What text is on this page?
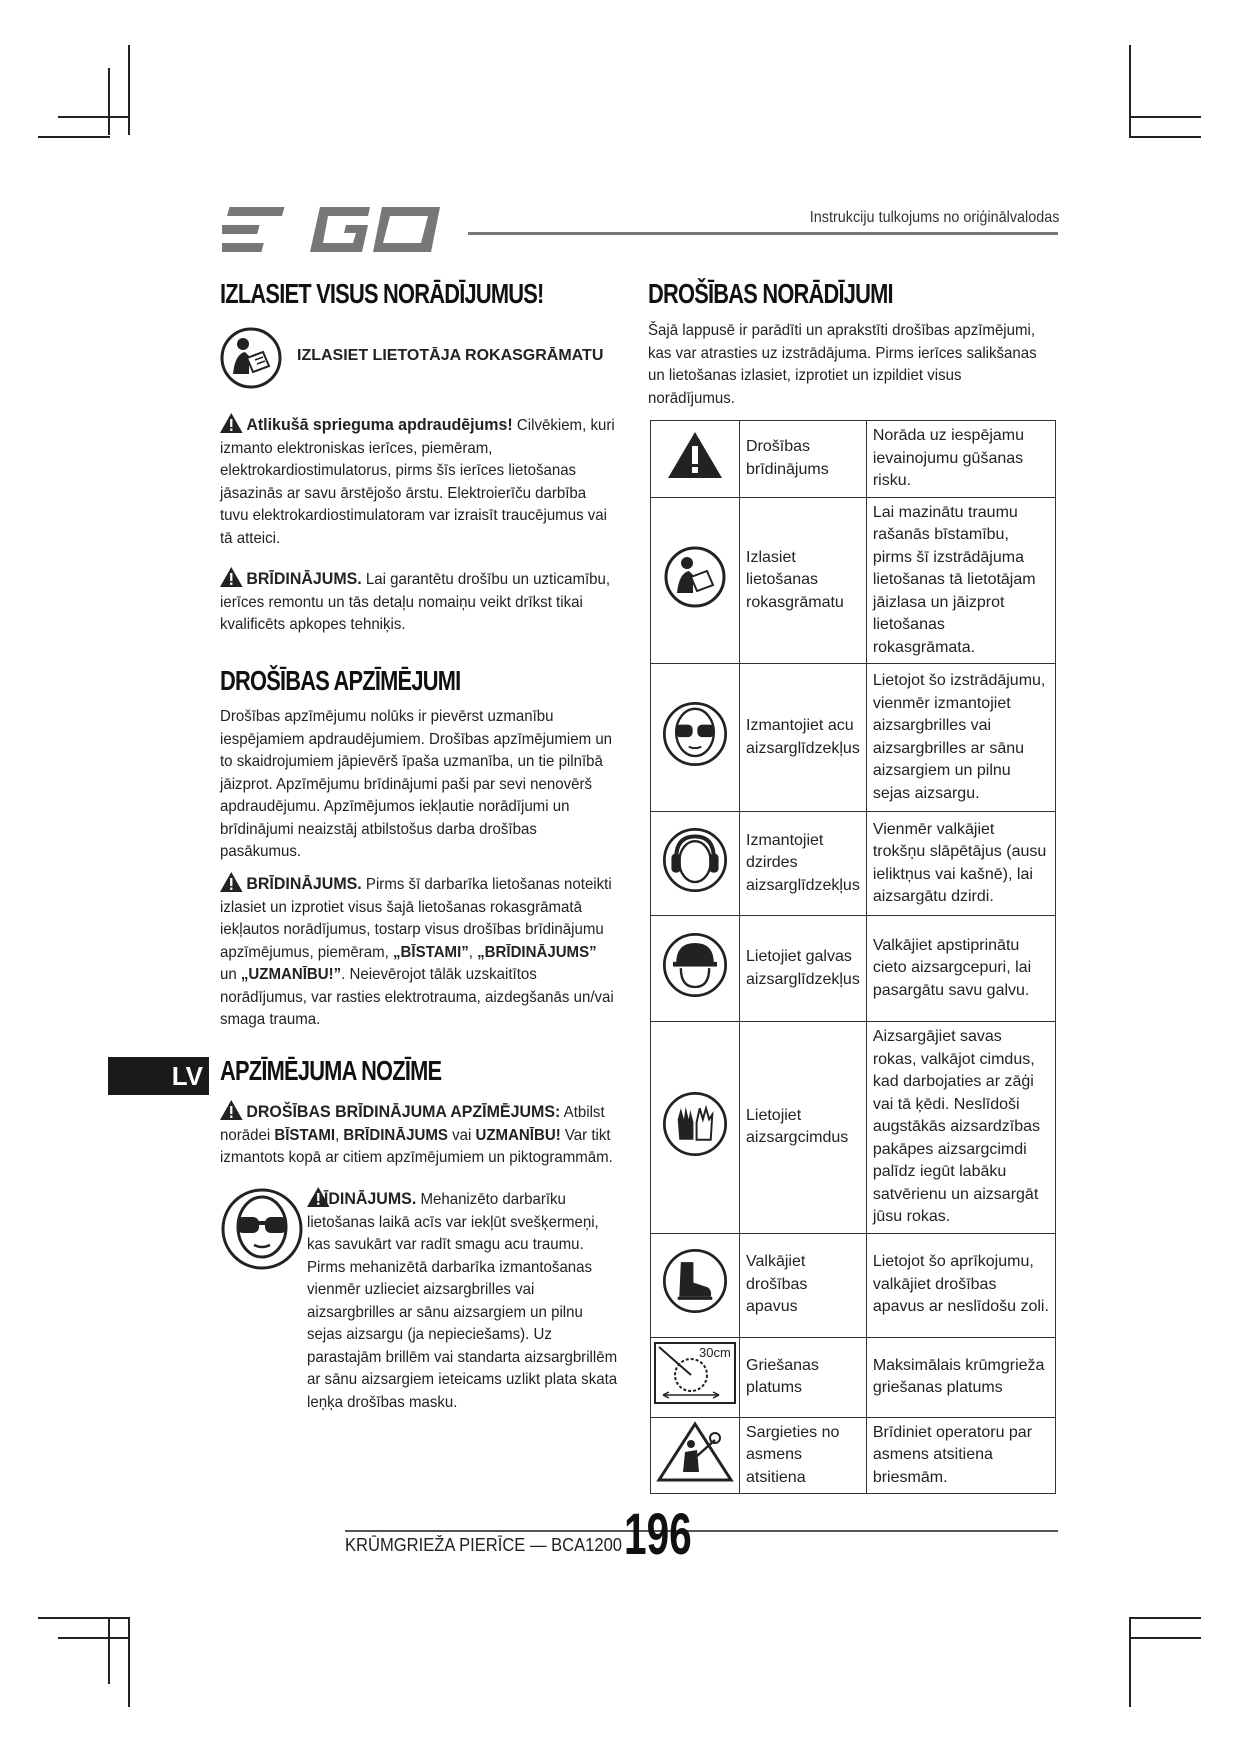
Instrukciju tulkojums no oriģinālvalodas
IZLASIET VISUS NORĀDĪJUMUS!
IZLASIET LIETOTĀJA ROKASGRĀMATU

Atlikušā sprieguma apdraudējums! Cilvēkiem, kuri izmanto elektroniskas ierīces, piemēram, elektrokardiostimulatorus, pirms šīs ierīces lietošanas jāsazinās ar savu ārstējošo ārstu. Elektroierīču darbība tuvu elektrokardiostimulatoram var izraisīt traucējumus vai tā atteici.

BRĪDINĀJUMS. Lai garantētu drošību un uzticamību, ierīces remontu un tās detaļu nomaiņu veikt drīkst tikai kvalificēts apkopes tehniķis.

DROŠĪBAS APZĪMĒJUMI

Drošības apzīmējumu nolūks ir pievērst uzmanību iespējamiem apdraudējumiem. Drošības apzīmējumiem un to skaidrojumiem jāpievērš īpaša uzmanība, un tie pilnībā jāizprot. Apzīmējumu brīdinājumi paši par sevi nenovērš apdraudējumu. Apzīmējumos iekļautie norādījumi un brīdinājumi neaizstāj atbilstošus darba drošības pasākumus.

BRĪDINĀJUMS. Pirms šī darbarīka lietošanas noteikti izlasiet un izprotiet visus šajā lietošanas rokasgrāmatā iekļautos norādījumus, tostarp visus drošības brīdinājumu apzīmējumus, piemēram, „BĪSTAMI”, „BRĪDINĀJUMS” un „UZMANĪBU!”. Neievērojot tālāk uzskaitītos norādījumus, var rasties elektrotrauma, aizdegšanās un/vai smaga trauma.

LV APZĪMĒJUMA NOZĪME

DROŠĪBAS BRĪDINĀJUMA APZĪMĒJUMS: Atbilst norādei BĪSTAMI, BRĪDINĀJUMS vai UZMANĪBU! Var tikt izmantots kopā ar citiem apzīmējumiem un piktogrammām.

ĪDINĀJUMS. Mehanizēto darbarīku lietošanas laikā acīs var iekļūt svešķermeņi, kas savukārt var radīt smagu acu traumu. Pirms mehanizētā darbarīka izmantošanas vienmēr uzlieciet aizsargbrilles vai aizsargbrilles ar sānu aizsargiem un pilnu sejas aizsargu (ja nepieciešams). Uz parastajām brillēm vai standarta aizsargbrillēm ar sānu aizsargiem ieteicams uzlikt plata skata leņķa drošības masku.

DROŠĪBAS NORĀDĪJUMI

Šajā lappusē ir parādīti un aprakstīti drošības apzīmējumi, kas var atrasties uz izstrādājuma. Pirms ierīces salikšanas un lietošanas izlasiet, izprotiet un izpildiet visus norādījumus.

	Drošības brīdinājums	Norāda uz iespējamu ievainojumu gūšanas risku.
	Izlasiet lietošanas rokasgrāmatu	Lai mazinātu traumu rašanās bīstamību, pirms šī izstrādājuma lietošanas tā lietotājam jāizlasa un jāizprot lietošanas rokasgrāmata.
	Izmantojiet acu aizsarglīdzekļus	Lietojot šo izstrādājumu, vienmēr izmantojiet aizsargbrilles vai aizsargbrilles ar sānu aizsargiem un pilnu sejas aizsargu.
	Izmantojiet dzirdes aizsarglīdzekļus	Vienmēr valkājiet trokšņu slāpētājus (ausu ieliktņus vai kašnē), lai aizsargātu dzirdi.
	Lietojiet galvas aizsarglīdzekļus	Valkājiet apstiprinātu cieto aizsargcepuri, lai pasargātu savu galvu.
	Lietojiet aizsargcimdus	Aizsargājiet savas rokas, valkājot cimdus, kad darbojaties ar zāģi vai tā ķēdi. Neslīdoši augstākās aizsardzības pakāpes aizsargcimdi palīdz iegūt labāku satvērienu un aizsargāt jūsu rokas.
	Valkājiet drošības apavus	Lietojot šo aprīkojumu, valkājiet drošības apavus ar neslīdošu zoli.

30cm	Griešanas platums	Maksimālais krūmgrieža griešanas platums
	Sargieties no asmens atsitiena	Brīdiniet operatoru par asmens atsitiena briesmām.
KRŪMGRIEŽA PIERĪCE — BCA1200 196
